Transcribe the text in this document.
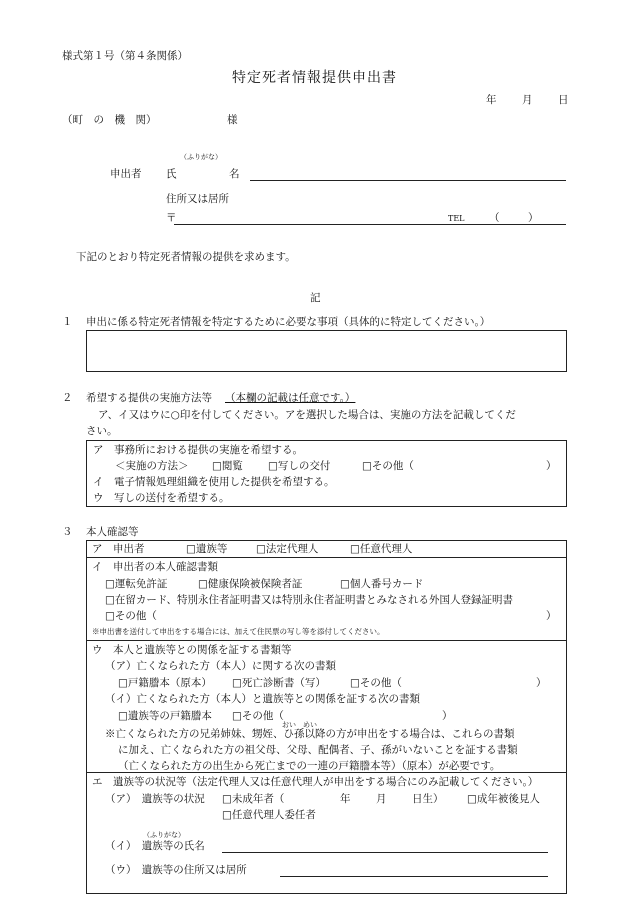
様式第１号（第４条関係）
特定死者情報提供申出書
年 月 日
（町　の　機　関）	様
（ふりがな）
申出者 氏	名
住所又は居所
〒	TEL （	）
下記のとおり特定死者情報の提供を求めます。
記
１ 申出に係る特定死者情報を特定するために必要な事項（具体的に特定してください。）
２ 希望する提供の実施方法等 （本欄の記載は任意です。）
ア、イ又はウに○印を付してください。アを選択した場合は、実施の方法を記載してくだ
さい。
ア　事務所における提供の実施を希望する。
＜実施の方法＞ □閲覧 □写しの交付	□その他（	）
イ　電子情報処理組織を使用した提供を希望する。
ウ　写しの送付を希望する。
３ 本人確認等
ア　申出者	□遺族等	□法定代理人	□任意代理人
イ　申出者の本人確認書類
□運転免許証	□健康保険被保険者証	□個人番号カード
□在留カード、特別永住者証明書又は特別永住者証明書とみなされる外国人登録証明書
□その他（	）
※申出書を送付して申出をする場合には、加えて住民票の写し等を添付してください。
ウ　本人と遺族等との関係を証する書類等
（ア）亡くなられた方（本人）に関する次の書類
□戸籍謄本（原本） □死亡診断書（写） □その他（	）
（イ）亡くなられた方（本人）と遺族等との関係を証する次の書類
□遺族等の戸籍謄本 □その他（	）
おい　めい
※亡くなられた方の兄弟姉妹、甥姪、ひ孫以降の方が申出をする場合は、これらの書類
に加え、亡くなられた方の祖父母、父母、配偶者、子、孫がいないことを証する書類
（亡くなられた方の出生から死亡までの一連の戸籍謄本等）（原本）が必要です。
エ　遺族等の状況等（法定代理人又は任意代理人が申出をする場合にのみ記載してください。）
（ア）　遺族等の状況 □未成年者（	年 月 日生） □成年被後見人
□任意代理人委任者
（ふりがな）
（イ）　遺族等の氏名
（ウ）　遺族等の住所又は居所
